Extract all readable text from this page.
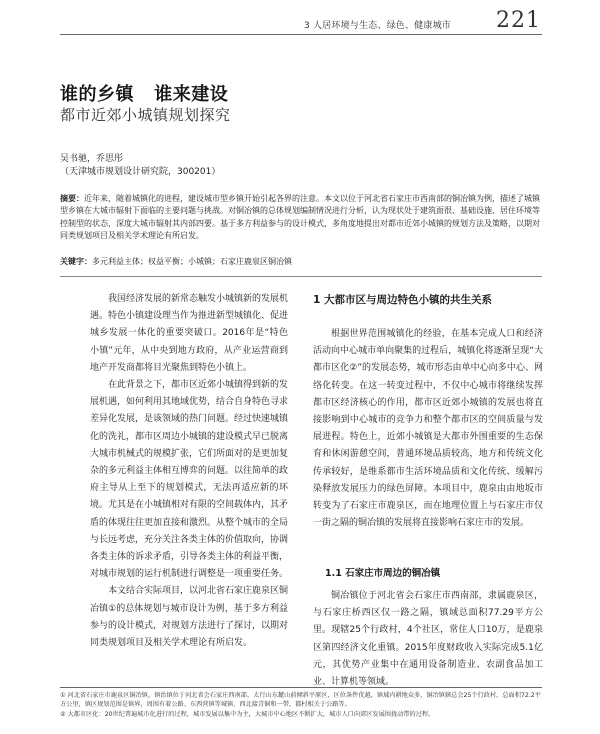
3 人居环境与生态、绿色、健康城市 221
谁的乡镇   谁来建设
都市近郊小城镇规划探究
吴书驰，乔思彤
（天津城市规划设计研究院，300201）
摘要：近年来，随着城镇化的进程，建设城市型乡镇开始引起各界的注意。本文以位于河北省石家庄市西南部的铜冶镇为例，描述了城镇型乡镇在大城市辐射下面临的主要问题与挑战。对铜冶镇的总体规划编制情况进行分析，认为现状处于建筑面很、基础设施、居住环境等控制型的状态，深度大城市辐射其内部四要。基于多方利益参与的设计模式，多角度地提出对都市近郊小城镇的规划方法及策略，以期对同类规划项目及相关学术理论有所启发。
关键字：多元利益主体；权益平衡；小城镇；石家庄鹿泉区铜冶镇

我国经济发展的新常态触发小城镇新的发展机遇。特色小镇建设理当作为推进新型城镇化、促进城乡发展一体化的重要突破口。2016年是“特色小镇”元年，从中央到地方政府，从产业运营商到地产开发商都将目光聚焦到特色小镇上。

在此背景之下，都市区近郊小城镇得到新的发展机遇，如何利用其地域优势，结合自身特色寻求差异化发展，是该领域的热门问题。经过快速城镇化的洗礼，都市区周边小城镇的建设模式早已脱离大城市机械式的规模扩张，它们所面对的是更加复杂的多元利益主体相互博弈的问题。以往简单的政府主导从上至下的规划模式，无法再适应新的环境。尤其是在小城镇相对有限的空间载体内，其矛盾的体现往往更加直接和激烈。从整个城市的全局与长远考虑，充分关注各类主体的价值取向，协调各类主体的诉求矛盾，引导各类主体的利益平衡，对城市规划的运行机制进行调整是一项重要任务。

本文结合实际项目，以河北省石家庄鹿泉区铜冶镇①的总体规划与城市设计为例，基于多方利益参与的设计模式，对规划方法进行了探讨，以期对同类规划项目及相关学术理论有所启发。

1 大都市区与周边特色小镇的共生关系

根据世界范围城镇化的经验，在基本完成人口和经济活动向中心城市单向聚集的过程后，城镇化将逐渐呈现“大都市区化②”的发展态势，城市形态由单中心向多中心、网络化转变。在这一转变过程中，不仅中心城市将继续发挥都市区经济核心的作用，都市区近郊小城镇的发展也将直接影响到中心城市的竞争力和整个都市区的空间质量与发展进程。特色上，近郊小城镇是大都市外围重要的生态保育和休闲游憩空间，普通环境品质较高，地方和传统文化传承较好，是维系都市生活环境品质和文化传统、缓解污染释放发展压力的绿色屏障。本项目中，鹿泉由由地坂市转变为了石家庄市鹿泉区，而在地理位置上与石家庄市仅一街之隔的铜冶镇的发展将直接影响石家庄市的发展。

1.1 石家庄市周边的铜冶镇

铜冶镇位于河北省会石家庄市西南部，隶属鹿泉区，与石家庄桥西区仅一路之隔，镇域总面积77.29平方公里。现辖25个行政村，4个社区，常住人口10万，是鹿泉区第四经济文化重镇。2015年度财政收入实际完成5.1亿元，其优势产业集中在通用设备制造业、农副食品加工业、计算机等领域。

① 河北省石家庄市鹿泉区铜冶镇，镇治镇位于河北省会石家庄西南部，太行山东麓山前倾斜平原区，区位条件优越，镇域内耕地众多，铜冶镇辖总会25个行政村，总面积72.2平方公里，镇区规划范围是镇界，周围有着公路、东西营镇等城镇、西北接青铜和一带，都村相关于公路等。
② 大都市区化：20世纪普遍城市化进行的过程，城市发展以集中为主，大城市中心地区不断扩大，城市人口向郊区发展围拢动带的过程。
